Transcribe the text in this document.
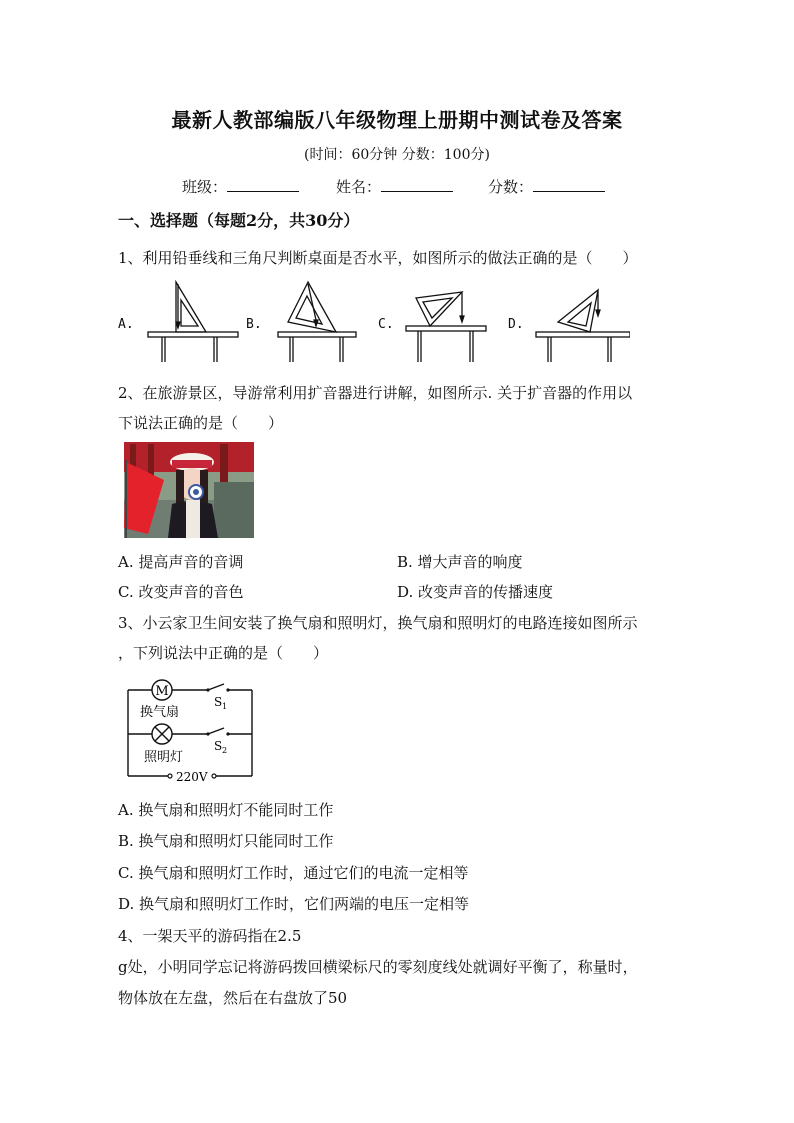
最新人教部编版八年级物理上册期中测试卷及答案
(时间：60分钟 分数：100分)
班级：	姓名：	分数：
一、选择题（每题2分，共30分）
1、利用铅垂线和三角尺判断桌面是否水平，如图所示的做法正确的是（　　）
A.	B.	C.	D.
2、在旅游景区，导游常利用扩音器进行讲解，如图所示. 关于扩音器的作用以
下说法正确的是（　　）
A. 提高声音的音调	B. 增大声音的响度
C. 改变声音的音色	D. 改变声音的传播速度
3、小云家卫生间安装了换气扇和照明灯，换气扇和照明灯的电路连接如图所示
，下列说法中正确的是（　　）
M
换气扇
照明灯
S 1
S 2
220V
A. 换气扇和照明灯不能同时工作
B. 换气扇和照明灯只能同时工作
C. 换气扇和照明灯工作时，通过它们的电流一定相等
D. 换气扇和照明灯工作时，它们两端的电压一定相等
4、一架天平的游码指在2.5
g处，小明同学忘记将游码拨回横梁标尺的零刻度线处就调好平衡了，称量时，
物体放在左盘，然后在右盘放了50
